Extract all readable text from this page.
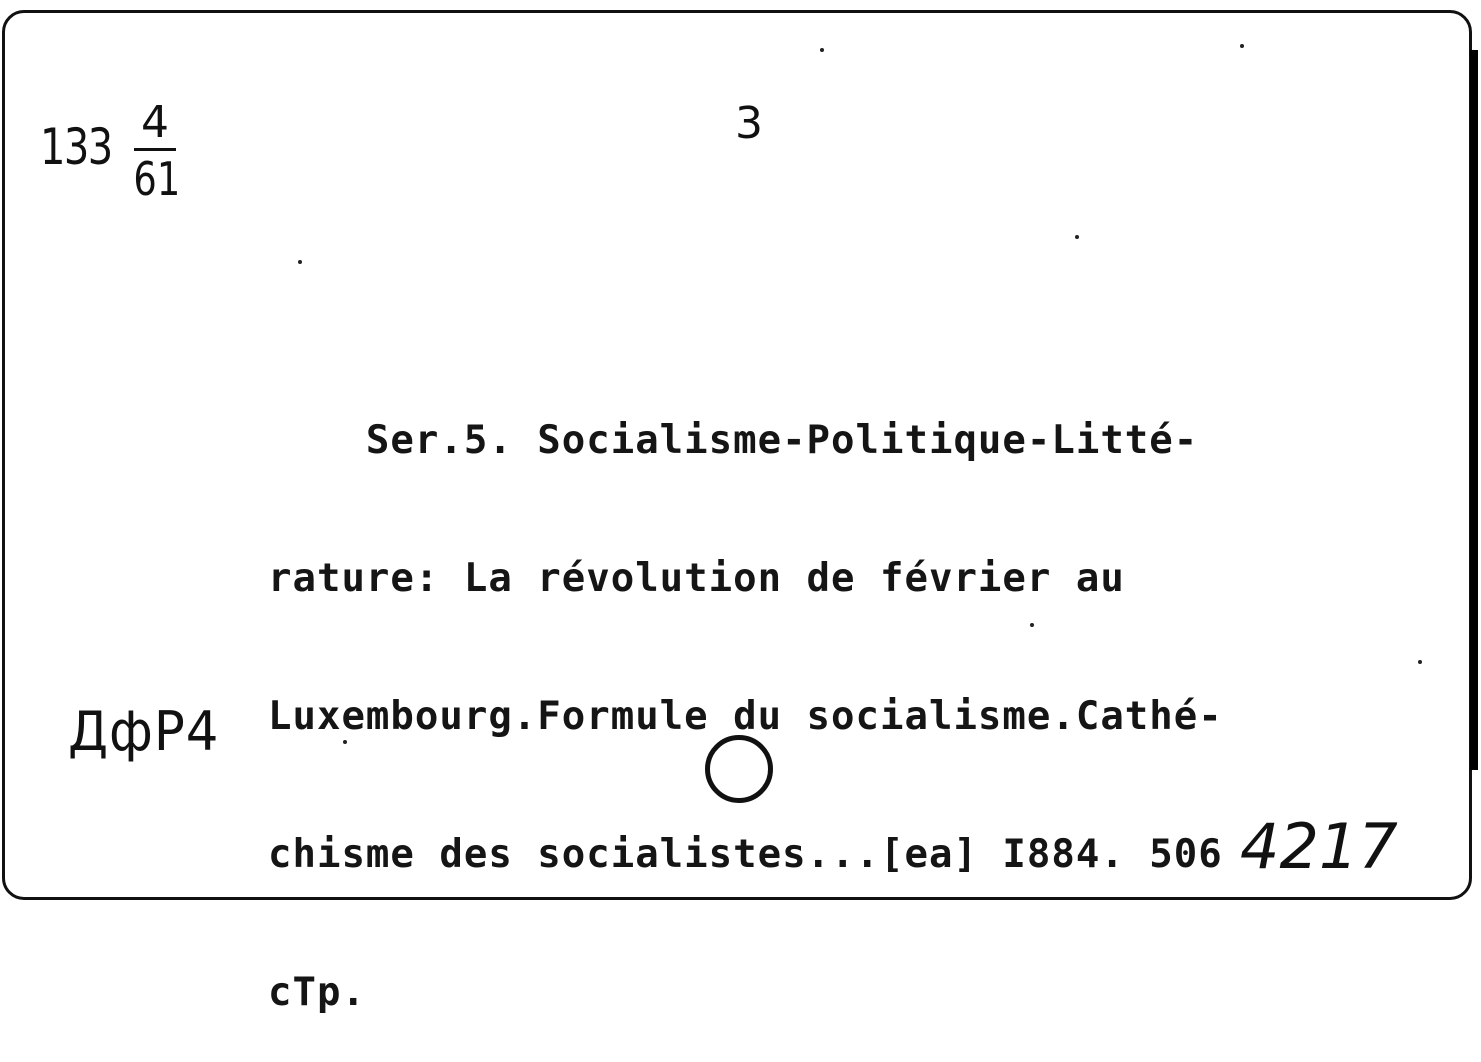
133 4
61
3

Ser.5. Socialisme-Politique-Litté-

rature: La révolution de février au

Luxembourg.Formule du socialisme.Cathé-

chisme des socialistes...[ea] I884. 506

cTp.

ДфР4
4217
